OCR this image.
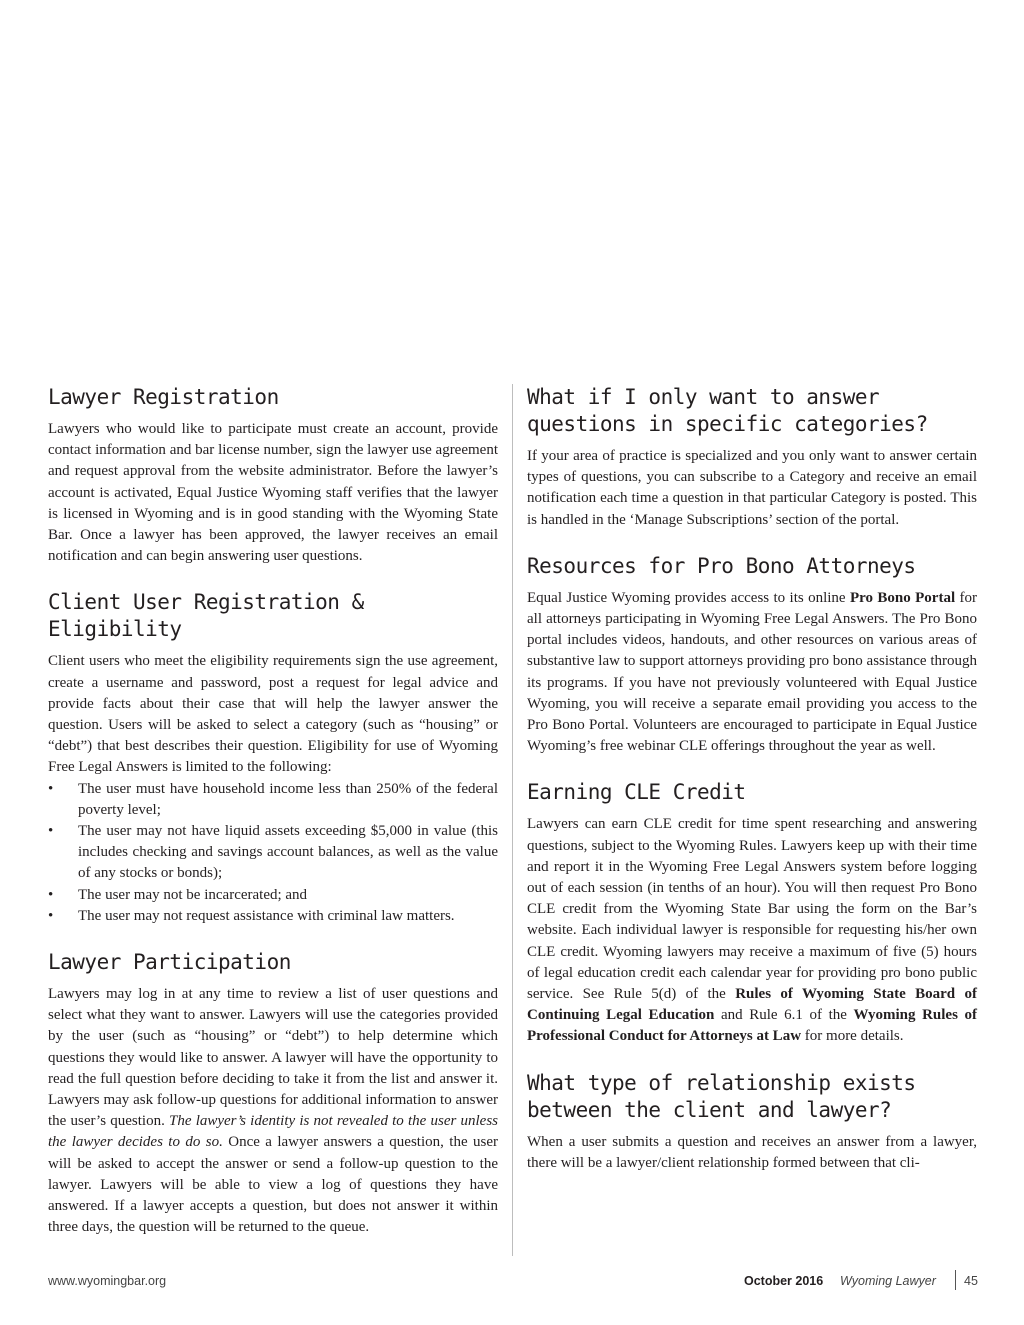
Lawyer Registration

Lawyers who would like to participate must create an account, provide contact information and bar license number, sign the lawyer use agreement and request approval from the website administrator. Before the lawyer’s account is activated, Equal Justice Wyoming staff verifies that the lawyer is licensed in Wyoming and is in good standing with the Wyoming State Bar. Once a lawyer has been approved, the lawyer receives an email notification and can begin answering user questions.

Client User Registration & Eligibility

Client users who meet the eligibility requirements sign the use agreement, create a username and password, post a request for legal advice and provide facts about their case that will help the lawyer answer the question. Users will be asked to select a category (such as “housing” or “debt”) that best describes their question. Eligibility for use of Wyoming Free Legal Answers is limited to the following:

• The user must have household income less than 250% of the federal poverty level;
• The user may not have liquid assets exceeding $5,000 in value (this includes checking and savings account balances, as well as the value of any stocks or bonds);
• The user may not be incarcerated; and
• The user may not request assistance with criminal law matters.
Lawyer Participation

Lawyers may log in at any time to review a list of user questions and select what they want to answer. Lawyers will use the categories provided by the user (such as “housing” or “debt”) to help determine which questions they would like to answer. A lawyer will have the opportunity to read the full question before deciding to take it from the list and answer it. Lawyers may ask follow-up questions for additional information to answer the user’s question. The lawyer’s identity is not revealed to the user unless the lawyer decides to do so. Once a lawyer answers a question, the user will be asked to accept the answer or send a follow-up question to the lawyer. Lawyers will be able to view a log of questions they have answered. If a lawyer accepts a question, but does not answer it within three days, the question will be returned to the queue.

What if I only want to answer questions in specific categories?

If your area of practice is specialized and you only want to answer certain types of questions, you can subscribe to a Category and receive an email notification each time a question in that particular Category is posted. This is handled in the ‘Manage Subscriptions’ section of the portal.

Resources for Pro Bono Attorneys

Equal Justice Wyoming provides access to its online Pro Bono Portal for all attorneys participating in Wyoming Free Legal Answers. The Pro Bono portal includes videos, handouts, and other resources on various areas of substantive law to support attorneys providing pro bono assistance through its programs. If you have not previously volunteered with Equal Justice Wyoming, you will receive a separate email providing you access to the Pro Bono Portal. Volunteers are encouraged to participate in Equal Justice Wyoming’s free webinar CLE offerings throughout the year as well.

Earning CLE Credit

Lawyers can earn CLE credit for time spent researching and answering questions, subject to the Wyoming Rules. Lawyers keep up with their time and report it in the Wyoming Free Legal Answers system before logging out of each session (in tenths of an hour). You will then request Pro Bono CLE credit from the Wyoming State Bar using the form on the Bar’s website. Each individual lawyer is responsible for requesting his/her own CLE credit. Wyoming lawyers may receive a maximum of five (5) hours of legal education credit each calendar year for providing pro bono public service. See Rule 5(d) of the Rules of Wyoming State Board of Continuing Legal Education and Rule 6.1 of the Wyoming Rules of Professional Conduct for Attorneys at Law for more details.

What type of relationship exists between the client and lawyer?

When a user submits a question and receives an answer from a lawyer, there will be a lawyer/client relationship formed between that cli-

www.wyomingbar.org	October 2016 Wyoming Lawyer 45
